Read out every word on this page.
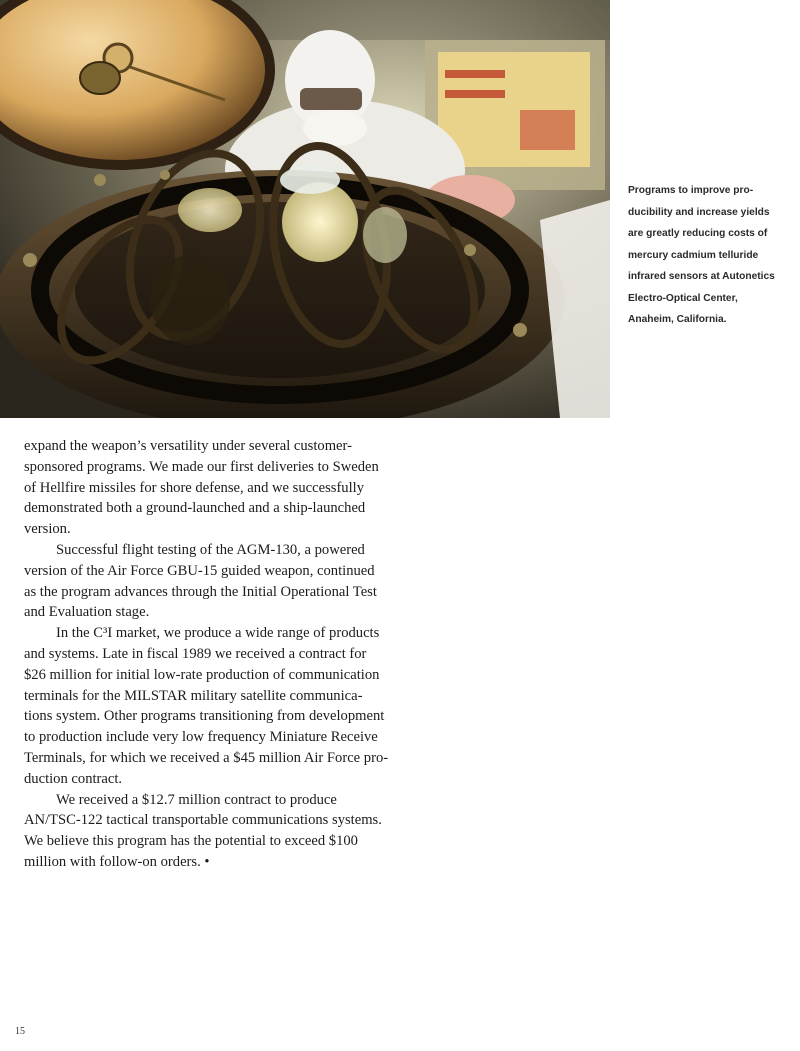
Programs to improve pro-
ducibility and increase yields
are greatly reducing costs of
mercury cadmium telluride
infrared sensors at Autonetics
Electro-Optical Center,
Anaheim, California.
expand the weapon’s versatility under several customer-
sponsored programs. We made our first deliveries to Sweden
of Hellfire missiles for shore defense, and we successfully
demonstrated both a ground-launched and a ship-launched
version.
Successful flight testing of the AGM-130, a powered
version of the Air Force GBU-15 guided weapon, continued
as the program advances through the Initial Operational Test
and Evaluation stage.
In the C³I market, we produce a wide range of products
and systems. Late in fiscal 1989 we received a contract for
$26 million for initial low-rate production of communication
terminals for the MILSTAR military satellite communica-
tions system. Other programs transitioning from development
to production include very low frequency Miniature Receive
Terminals, for which we received a $45 million Air Force pro-
duction contract.
We received a $12.7 million contract to produce
AN/TSC-122 tactical transportable communications systems.
We believe this program has the potential to exceed $100
million with follow-on orders. •
15
